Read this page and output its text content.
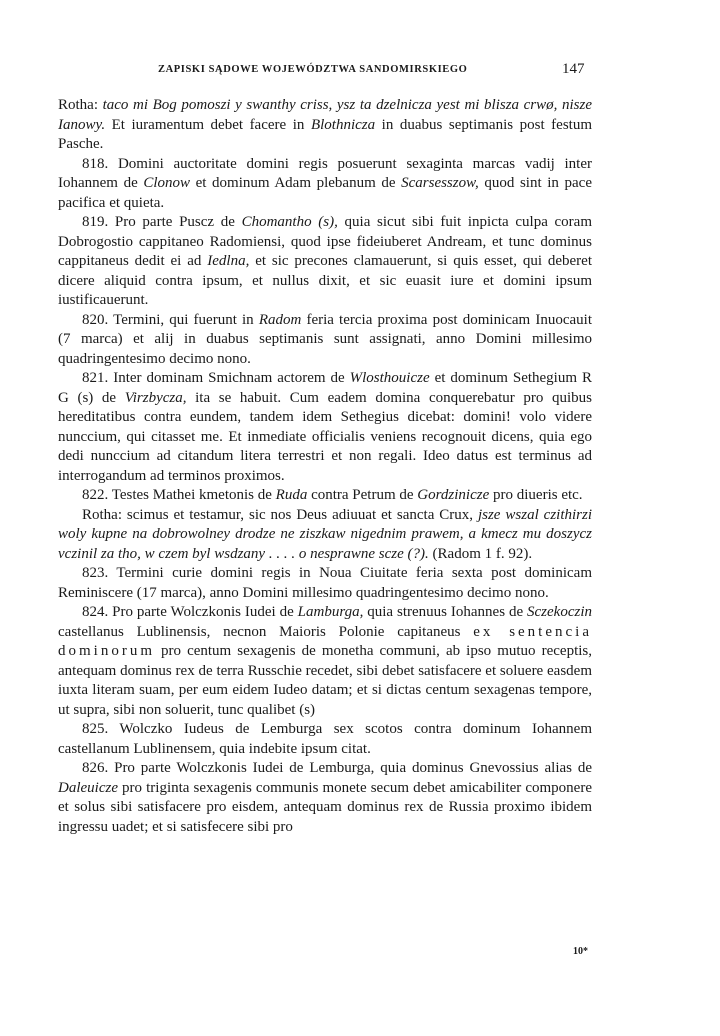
ZAPISKI SĄDOWE WOJEWÓDZTWA SANDOMIRSKIEGO	147

Rotha: taco mi Bog pomoszi y swanthy criss, ysz ta dzelnicza yest mi blisza crwø, nisze Ianowy. Et iuramentum debet facere in Blothnicza in duabus septimanis post festum Pasche.

818. Domini auctoritate domini regis posuerunt sexaginta marcas vadij inter Iohannem de Clonow et dominum Adam plebanum de Scarsesszow, quod sint in pace pacifica et quieta.

819. Pro parte Puscz de Chomantho (s), quia sicut sibi fuit inpicta culpa coram Dobrogostio cappitaneo Radomiensi, quod ipse fideiuberet Andream, et tunc dominus cappitaneus dedit ei ad Iedlna, et sic precones clamauerunt, si quis esset, qui deberet dicere aliquid contra ipsum, et nullus dixit, et sic euasit iure et domini ipsum iustificauerunt.

820. Termini, qui fuerunt in Radom feria tercia proxima post dominicam Inuocauit (7 marca) et alij in duabus septimanis sunt assignati, anno Domini millesimo quadringentesimo decimo nono.

821. Inter dominam Smichnam actorem de Wlosthouicze et dominum Sethegium R G (s) de Virzbycza, ita se habuit. Cum eadem domina conquerebatur pro quibus hereditatibus contra eundem, tandem idem Sethegius dicebat: domini! volo videre nunccium, qui citasset me. Et inmediate officialis veniens recognouit dicens, quia ego dedi nunccium ad citandum litera terrestri et non regali. Ideo datus est terminus ad interrogandum ad terminos proximos.

822. Testes Mathei kmetonis de Ruda contra Petrum de Gordzinicze pro diueris etc.

Rotha: scimus et testamur, sic nos Deus adiuuat et sancta Crux, jsze wszal czithirzi woly kupne na dobrowolney drodze ne ziszkaw nigednim prawem, a kmecz mu doszycz vczinil za tho, w czem byl wsdzany . . . . o nesprawne scze (?). (Radom 1 f. 92).

823. Termini curie domini regis in Noua Ciuitate feria sexta post dominicam Reminiscere (17 marca), anno Domini millesimo quadringentesimo decimo nono.

824. Pro parte Wolczkonis Iudei de Lamburga, quia strenuus Iohannes de Sczekoczin castellanus Lublinensis, necnon Maioris Polonie capitaneus ex sentencia dominorum pro centum sexagenis de monetha communi, ab ipso mutuo receptis, antequam dominus rex de terra Russchie recedet, sibi debet satisfacere et soluere easdem iuxta literam suam, per eum eidem Iudeo datam; et si dictas centum sexagenas tempore, ut supra, sibi non soluerit, tunc qualibet (s)

825. Wolczko Iudeus de Lemburga sex scotos contra dominum Iohannem castellanum Lublinensem, quia indebite ipsum citat.

826. Pro parte Wolczkonis Iudei de Lemburga, quia dominus Gnevossius alias de Daleuicze pro triginta sexagenis communis monete secum debet amicabiliter componere et solus sibi satisfacere pro eisdem, antequam dominus rex de Russia proximo ibidem ingressu uadet; et si satisfecere sibi pro

10*
